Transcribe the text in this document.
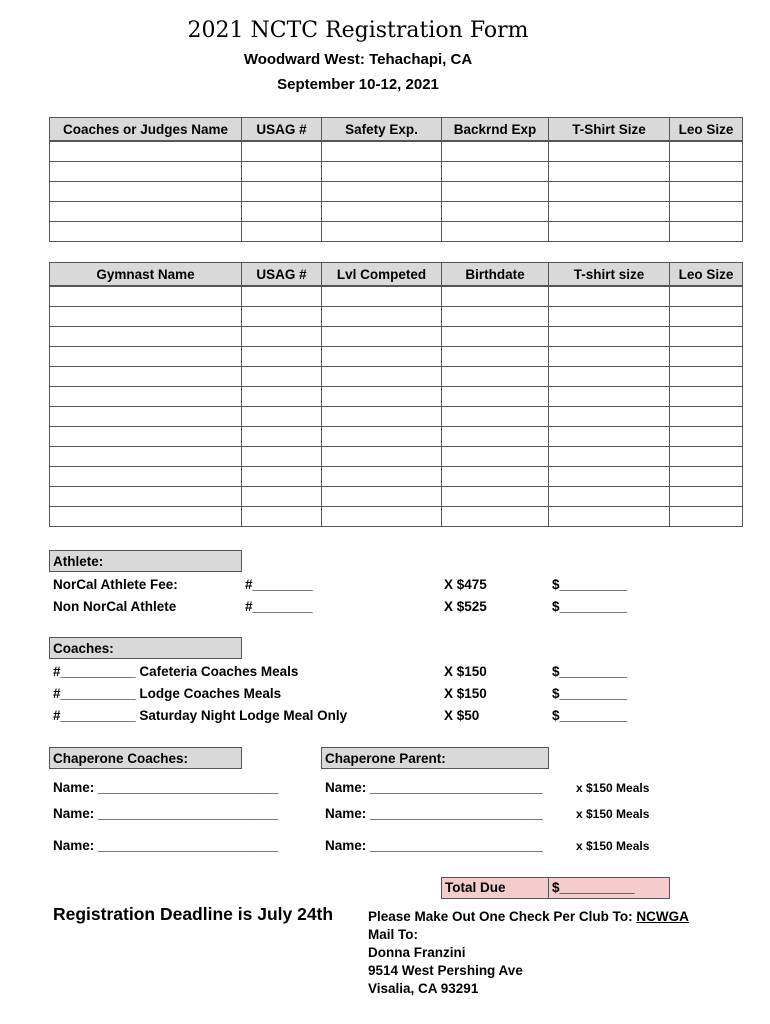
2021 NCTC Registration Form
Woodward West: Tehachapi, CA
September 10-12, 2021
Coaches or Judges Name	USAG #	Safety Exp.	Backrnd Exp	T-Shirt Size	Leo Size

Gymnast Name	USAG #	Lvl Competed	Birthdate	T-shirt size	Leo Size

Athlete:
NorCal Athlete Fee:	#________	X $475	$_________
Non NorCal Athlete	#________	X $525	$_________
Coaches:
#__________ Cafeteria Coaches Meals	X $150	$_________
#__________ Lodge Coaches Meals	X $150	$_________
#__________ Saturday Night Lodge Meal Only	X $50	$_________
Chaperone Coaches:	Chaperone Parent:
Name: ________________________	Name: _______________________	x $150 Meals
Name: ________________________	Name: _______________________	x $150 Meals
Name: ________________________	Name: _______________________	x $150 Meals
Total Due	$__________
Registration Deadline is July 24th	Please Make Out One Check Per Club To: NCWGA
Mail To:
Donna Franzini
9514 West Pershing Ave
Visalia, CA 93291
